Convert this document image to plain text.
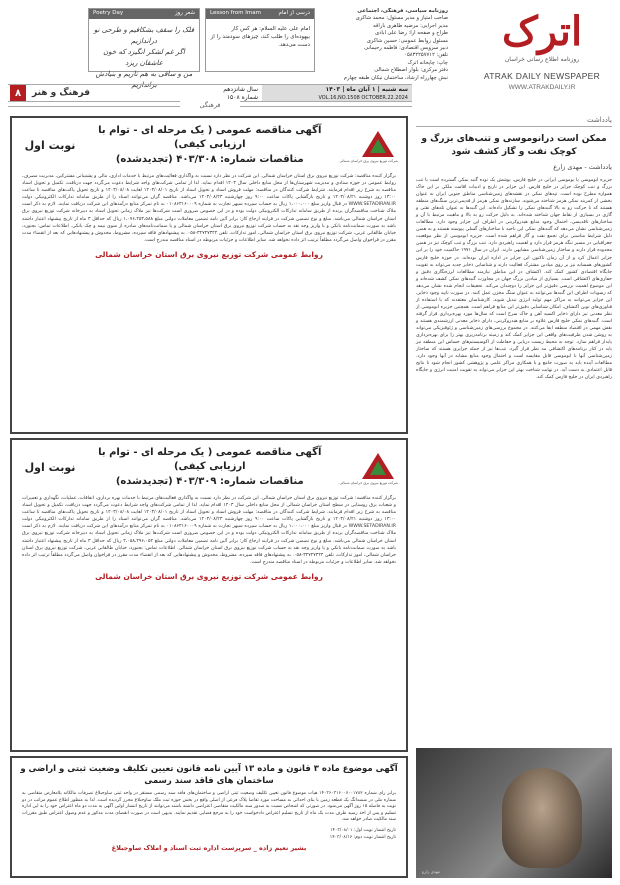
اترک
روزنامه اطلاع رسانی خراسان
ATRAK DAILY NEWSPAPER
WWW.ATRAKDAILY.IR
روزنامه سیاسی، فرهنگی، اجتماعی
صاحب امتیاز و مدیر مسئول: محمد شاکری
مدیر اجرایی: مرضیه طاهری باراقه
طراح و صفحه آرا: رضا علی آبادی
مسئول روابط عمومی: حسین شاکری
دبیر سرویس اقتصادی: فاطمه رحیمانی
تلفن: ۰۵۸۳۲۲۵۷۷۱۲
چاپ: چاپخانه اترک
دفتر مرکزی: بلوار اصطلاح شمالی
نبش چهارراه ارشاد، ساختمان نیکان طبقه چهارم
درسی از امام
Lesson from Imam
امام علی علیه السلام: هر کس کار بیهوده‌ای را طلب کند، چیزهای سودمند را از دست می‌دهد.
شعر روز
Poetry Day
فلک را سقف بشکافیم و طرحی نو دراندازیم
اگر غم لشکر انگیزد که خون عاشقان ریزد
من و ساقی به هم تازیم و بنیادش براندازیم
سه شنبه | ۱ آبان ماه | ۱۴۰۳
VOL.16,NO.1508 OCTOBER.22.2024
سال شانزدهم
شماره ۱۵۰۸
۸	فرهنگ و هنر
فرهنگی
یادداشت
ممکن است درانوموسی و تنب‌های بزرگ و کوچک نفت و گاز کشف شود
یادداشت - مهدی زارع
جزیره ابوموسی یا بوموسی ایرانی در خلیج فارس، یوشش یک توده گنبد نمکی گسترده است با تنب بزرگ و تنب کوچک جزایر در خلیج فارس. این جزایر در تاریخ و ادبیات اقامت ملکی بر این خاک همواره مطرح بوده است. تپه‌های نمکی در نقشه‌های زمین‌شناسی مناطق جنوبی ایران به عنوان بخشی از کمربند نمکی هرمز شناخته می‌شوند. سازندهای نمکی هرمز از قدیمی‌ترین سنگ‌های منطقه هستند که با حرکت رو به بالا گنبدهای نمکی را تشکیل داده‌اند. این گنبدها به عنوان تله‌های نفتی و گازی در بسیاری از نقاط جهان شناخته شده‌اند. به دلیل حرکت رو به بالا و ماهیت مرتبط با آن و ساختارهای تاقدیسی، احتمال وجود منابع هیدروکربنی در اطراف این جزایر وجود دارد. مطالعات زمین‌شناسی نشان می‌دهد که گنبدهای نمکی این ناحیه با ساختارهای گسلی پیوسته هستند و به همین دلیل شرایط مناسبی برای تجمع نفت و گاز فراهم شده است. جزیره ابوموسی از نظر موقعیت جغرافیایی در مسیر تنگه هرمز قرار دارد و اهمیت راهبردی دارد. تنب بزرگ و تنب کوچک نیز در همین محدوده قرار دارند و ساختار زمین‌شناسی مشابهی دارند. ایران در سال ۱۹۷۱ حاکمیت خود را بر این جزایر اعمال کرد و از آن زمان تاکنون این جزایر در اداره ایران بوده‌اند. در حوزه خلیج فارس کشورهای همسایه نیز بر روی میادین مشترک فعالیت دارند و شناسایی ذخایر جدید می‌تواند به تقویت جایگاه اقتصادی کشور کمک کند. اکتشاف در این مناطق نیازمند مطالعات لرزه‌نگاری دقیق و حفاری‌های اکتشافی است. بسیاری از میادین بزرگ جهان در مجاورت گنبدهای نمکی کشف شده‌اند و این موضوع اهمیت بررسی دقیق‌تر این جزایر را دوچندان می‌کند. تحقیقات انجام شده نشان می‌دهد که رسوبات اطراف این گنبدها می‌توانند به عنوان سنگ مخزن عمل کنند. در صورت تایید وجود ذخایر، این جزایر می‌توانند به مراکز مهم تولید انرژی تبدیل شوند. کارشناسان معتقدند که با استفاده از فناوری‌های نوین اکتشاف، امکان شناسایی دقیق‌تر این منابع فراهم است. همچنین جزیره ابوموسی از نظر معدنی نیز دارای ذخایر اکسید آهن و خاک سرخ است که سال‌ها مورد بهره‌برداری قرار گرفته است. گنبدهای نمکی خلیج فارس علاوه بر منابع هیدروکربنی، دارای ذخایر معدنی ارزشمندی هستند و نقش مهمی در اقتصاد منطقه ایفا می‌کنند. در مجموع بررسی‌های زمین‌شناسی و ژئوفیزیکی می‌تواند به روشن شدن ظرفیت‌های واقعی این جزایر کمک کند و زمینه برنامه‌ریزی بهتر را برای بهره‌برداری پایدار فراهم سازد. توجه به محیط زیست دریایی و حفاظت از اکوسیستم‌های حساس این منطقه نیز باید در کنار برنامه‌های اکتشافی مد نظر قرار گیرد. تنب‌ها نیز از جمله جزایری هستند که ساختار زمین‌شناسی آنها با ابوموسی قابل مقایسه است و احتمال وجود منابع مشابه در آنها وجود دارد. مطالعات آینده باید به صورت جامع و با همکاری مراکز علمی و پژوهشی کشور انجام شود تا نتایج قابل اعتمادی به دست آید. در نهایت شناخت بهتر این جزایر می‌تواند به تقویت امنیت انرژی و جایگاه راهبردی ایران در خلیج فارس کمک کند.
مهدی زارع
شرکت توزیع نیروی برق خراسان شمالی
آگهی مناقصه عمومی ( یک مرحله ای - توام با ارزیابی کیفی)
مناقصات شماره: ۴۰۳/۳۰۸ (تجدیدشده)
نوبت اول
برگزار کننده مناقصه: شرکت توزیع نیروی برق استان خراسان شمالی. این شرکت در نظر دارد نسبت به واگذاری فعالیت‌های مرتبط با خدمات اداری، مالی و پشتیبانی مشترکین، مدیریت مصرف، روابط عمومی در حوزه ستادی و مدیریت شهرستان‌ها از محل منابع داخلی سال ۱۴۰۳ اقدام نماید. لذا از تمامی شرکت‌های واجد شرایط دعوت می‌گردد جهت دریافت، تکمیل و تحویل اسناد مناقصه به شرح زیر اقدام فرمایند. شرایط شرکت کنندگان در مناقصه: مهلت فروش اسناد و تحویل اسناد از تاریخ ۱۴۰۳/۰۸/۰۱ لغایت ۱۴۰۳/۰۸/۰۸ و تاریخ تحویل پاکت‌های مناقصه تا ساعت ۱۳:۰۰ روز دوشنبه ۱۴۰۳/۰۸/۲۱ و تاریخ بازگشایی پاکات ساعت ۹:۰۰ روز چهارشنبه ۱۴۰۳/۰۸/۲۳ می‌باشد. مناقصه گران می‌توانند اسناد را از طریق سامانه تدارکات الکترونیکی دولت WWW.SETADIRAN.IR در قبال واریز مبلغ ۱،۰۰۰،۰۰۰ ریال به حساب سپرده سپهر تجارت به شماره ۰۱۰۸۶۳۱۶۰۰۰۹ به نام تمرکز منابع درآمدهای این شرکت دریافت نمایند. لازم به ذکر است ملاک شناخت مناقصه‌گران برنده از طریق سامانه تدارکات الکترونیکی دولت بوده و در این خصوص ضروری است شرکت‌ها نیز ملاک زمانی تحویل اسناد به دبیرخانه شرکت توزیع نیروی برق استان خراسان شمالی می‌باشد. مبلغ و نوع تضمین شرکت در فرایند ارجاع کار: برابر آئین نامه تضمین معاملات دولتی مبلغ ۱،۰۷۶،۴۵۳،۵۸۸ ریال که حداقل ۳ ماه از تاریخ پیشنهاد اعتبار داشته باشد به صورت ضمانت‌نامه بانکی و یا واریز وجه نقد به حساب شرکت توزیع نیروی برق استان خراسان شمالی و یا ضمانت‌نامه‌های صادره از سوی بیمه و چک بانکی. اطلاعات تماس: بجنورد، خیابان طالقانی غربی، شرکت توزیع نیروی برق استان خراسان شمالی، امور تدارکات، تلفن ۳۲۷۲۷۳۴۴-۰۵۸. به پیشنهادهای فاقد سپرده، مشروط، مخدوش و پیشنهادهایی که بعد از انقضاء مدت مقرر در فراخوان واصل می‌گردد مطلقاً ترتیب اثر داده نخواهد شد. سایر اطلاعات و جزئیات مربوطه در اسناد مناقصه مندرج است.
روابط عمومی شرکت توزیع نیروی برق استان خراسان شمالی
شرکت توزیع نیروی برق خراسان شمالی
آگهی مناقصه عمومی ( یک مرحله ای - توام با ارزیابی کیفی)
مناقصات شماره: ۴۰۳/۳۰۹ (تجدیدشده)
نوبت اول
برگزار کننده مناقصه: شرکت توزیع نیروی برق استان خراسان شمالی. این شرکت در نظر دارد نسبت به واگذاری فعالیت‌های مرتبط با خدمات بهره برداری، اتفاقات، عملیات، نگهداری و تعمیرات و شعبات برق روستایی در سطح استان خراسان شمالی از محل منابع داخلی سال ۱۴۰۳ اقدام نماید. لذا از تمامی شرکت‌های واجد شرایط دعوت می‌گردد جهت دریافت، تکمیل و تحویل اسناد مناقصه به شرح زیر اقدام فرمایند. شرایط شرکت کنندگان در مناقصه: مهلت فروش اسناد و تحویل اسناد از تاریخ ۱۴۰۳/۰۸/۰۱ لغایت ۱۴۰۳/۰۸/۰۸ و تاریخ تحویل پاکت‌های مناقصه تا ساعت ۱۳:۰۰ روز دوشنبه ۱۴۰۳/۰۸/۲۱ و تاریخ بازگشایی پاکات ساعت ۹:۰۰ روز چهارشنبه ۱۴۰۳/۰۸/۲۳ می‌باشد. مناقصه گران می‌توانند اسناد را از طریق سامانه تدارکات الکترونیکی دولت WWW.SETADIRAN.IR در قبال واریز مبلغ ۱،۰۰۰،۰۰۰ ریال به حساب سپرده سپهر تجارت به شماره ۰۱۰۸۶۳۱۶۰۰۰۹ به نام تمرکز منابع درآمدهای این شرکت دریافت نمایند. لازم به ذکر است ملاک شناخت مناقصه‌گران برنده از طریق سامانه تدارکات الکترونیکی دولت بوده و در این خصوص ضروری است شرکت‌ها نیز ملاک زمانی تحویل اسناد به دبیرخانه شرکت توزیع نیروی برق استان خراسان شمالی می‌باشد. مبلغ و نوع تضمین شرکت در فرایند ارجاع کار: برابر آئین نامه تضمین معاملات دولتی مبلغ ۲،۰۵۸،۴۹۶،۰۵۴ ریال که حداقل ۳ ماه از تاریخ پیشنهاد اعتبار داشته باشد به صورت ضمانت‌نامه بانکی و یا واریز وجه نقد به حساب شرکت توزیع نیروی برق استان خراسان شمالی. اطلاعات تماس: بجنورد، خیابان طالقانی غربی، شرکت توزیع نیروی برق استان خراسان شمالی، امور تدارکات، تلفن ۳۲۷۲۷۳۴۴-۰۵۸. به پیشنهادهای فاقد سپرده، مشروط، مخدوش و پیشنهادهایی که بعد از انقضاء مدت مقرر در فراخوان واصل می‌گردد مطلقاً ترتیب اثر داده نخواهد شد. سایر اطلاعات و جزئیات مربوطه در اسناد مناقصه مندرج است.
روابط عمومی شرکت توزیع نیروی برق استان خراسان شمالی
آگهی موضوع ماده ۳ قانون و ماده ۱۳ آیین نامه قانون تعیین تکلیف وضعیت ثبتی و اراضی و ساختمان های فاقد سند رسمی
برابر رای شماره ۱۴۰۳۶۰۳۱۶۰۰۷۰۰۱۷۸۲ هیات موضوع قانون تعیین تکلیف وضعیت ثبتی اراضی و ساختمان‌های فاقد سند رسمی مستقر در واحد ثبتی ساوجبلاغ تصرفات مالکانه بلامعارض متقاضی به شماره ملی در ششدانگ یک قطعه زمین با بنای احداثی به مساحت مورد تقاضا پلاک فرعی از اصلی واقع در بخش حوزه ثبت ملک ساوجبلاغ محرز گردیده است. لذا به منظور اطلاع عموم مراتب در دو نوبت به فاصله ۱۵ روز آگهی می‌شود. در صورتی که اشخاص نسبت به صدور سند مالکیت متقاضی اعتراضی داشته باشند می‌توانند از تاریخ انتشار اولین آگهی به مدت دو ماه اعتراض خود را به این اداره تسلیم و پس از اخذ رسید ظرف مدت یک ماه از تاریخ تسلیم اعتراض دادخواست خود را به مرجع قضایی تقدیم نمایند. بدیهی است در صورت انقضای مدت مذکور و عدم وصول اعتراض طبق مقررات سند مالکیت صادر خواهد شد.
تاریخ انتشار نوبت اول: ۱۴۰۳/۰۸/۰۱
تاریخ انتشار نوبت دوم: ۱۴۰۳/۰۸/۱۶
بشیر نعیم زاده _ سرپرست اداره ثبت اسناد و املاک ساوجبلاغ
